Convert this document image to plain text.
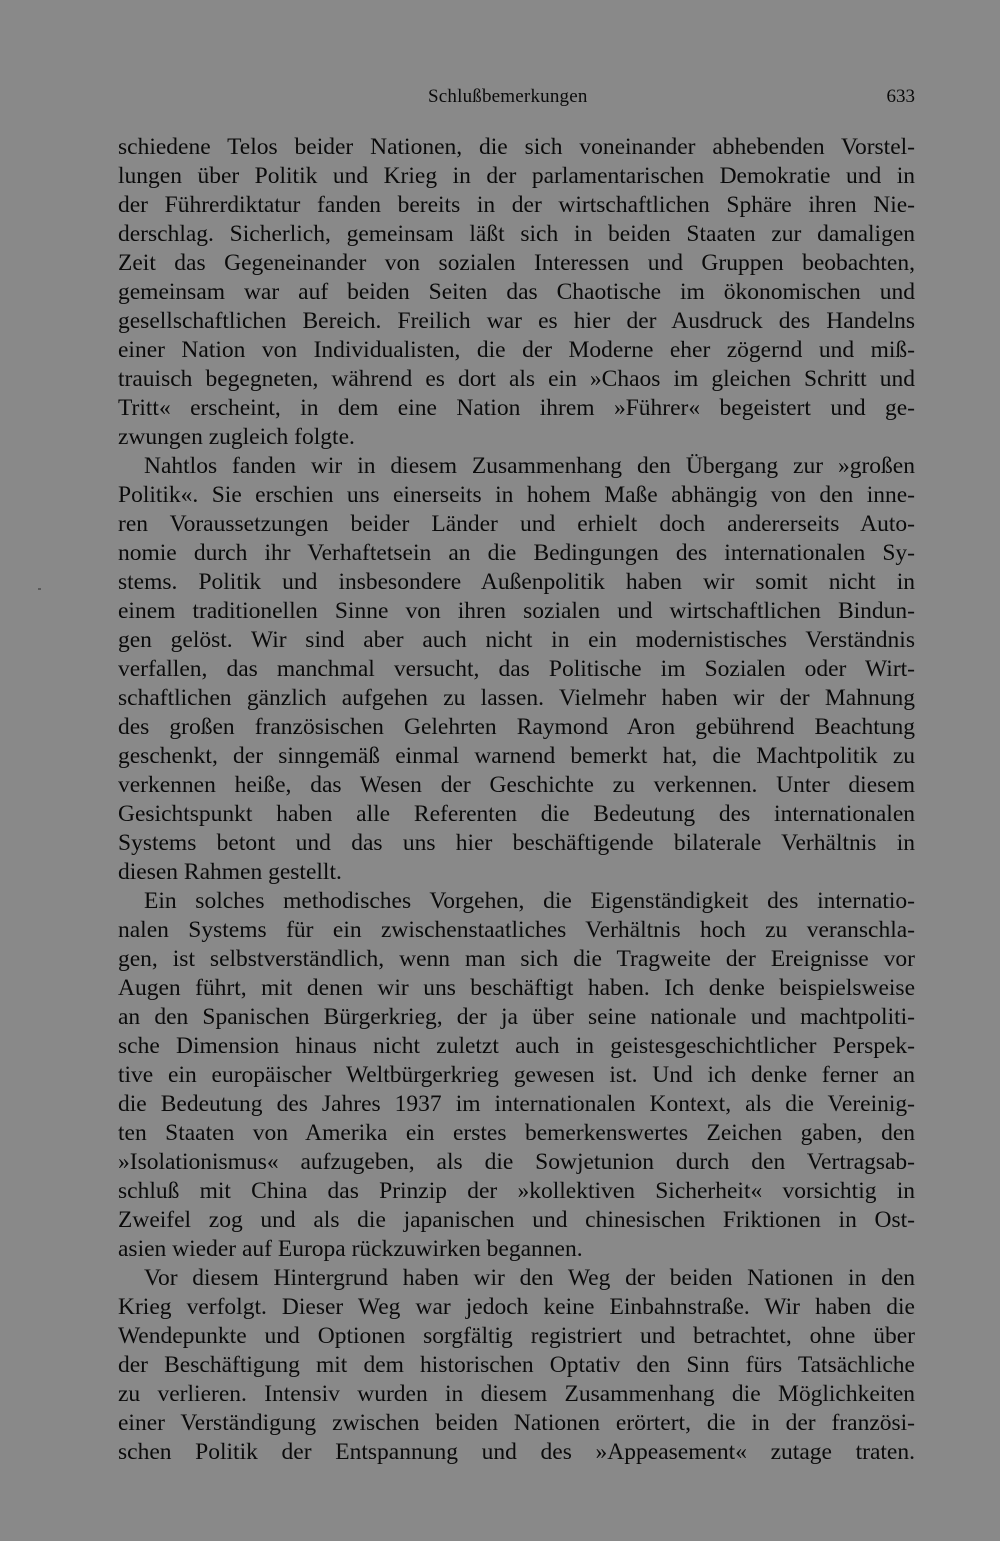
Schlußbemerkungen	633
schiedene Telos beider Nationen, die sich voneinander abhebenden Vorstel-
lungen über Politik und Krieg in der parlamentarischen Demokratie und in
der Führerdiktatur fanden bereits in der wirtschaftlichen Sphäre ihren Nie-
derschlag. Sicherlich, gemeinsam läßt sich in beiden Staaten zur damaligen
Zeit das Gegeneinander von sozialen Interessen und Gruppen beobachten,
gemeinsam war auf beiden Seiten das Chaotische im ökonomischen und
gesellschaftlichen Bereich. Freilich war es hier der Ausdruck des Handelns
einer Nation von Individualisten, die der Moderne eher zögernd und miß-
trauisch begegneten, während es dort als ein »Chaos im gleichen Schritt und
Tritt« erscheint, in dem eine Nation ihrem »Führer« begeistert und ge-
zwungen zugleich folgte.
Nahtlos fanden wir in diesem Zusammenhang den Übergang zur »großen
Politik«. Sie erschien uns einerseits in hohem Maße abhängig von den inne-
ren Voraussetzungen beider Länder und erhielt doch andererseits Auto-
nomie durch ihr Verhaftetsein an die Bedingungen des internationalen Sy-
stems. Politik und insbesondere Außenpolitik haben wir somit nicht in
einem traditionellen Sinne von ihren sozialen und wirtschaftlichen Bindun-
gen gelöst. Wir sind aber auch nicht in ein modernistisches Verständnis
verfallen, das manchmal versucht, das Politische im Sozialen oder Wirt-
schaftlichen gänzlich aufgehen zu lassen. Vielmehr haben wir der Mahnung
des großen französischen Gelehrten Raymond Aron gebührend Beachtung
geschenkt, der sinngemäß einmal warnend bemerkt hat, die Machtpolitik zu
verkennen heiße, das Wesen der Geschichte zu verkennen. Unter diesem
Gesichtspunkt haben alle Referenten die Bedeutung des internationalen
Systems betont und das uns hier beschäftigende bilaterale Verhältnis in
diesen Rahmen gestellt.
Ein solches methodisches Vorgehen, die Eigenständigkeit des internatio-
nalen Systems für ein zwischenstaatliches Verhältnis hoch zu veranschla-
gen, ist selbstverständlich, wenn man sich die Tragweite der Ereignisse vor
Augen führt, mit denen wir uns beschäftigt haben. Ich denke beispielsweise
an den Spanischen Bürgerkrieg, der ja über seine nationale und machtpoliti-
sche Dimension hinaus nicht zuletzt auch in geistesgeschichtlicher Perspek-
tive ein europäischer Weltbürgerkrieg gewesen ist. Und ich denke ferner an
die Bedeutung des Jahres 1937 im internationalen Kontext, als die Vereinig-
ten Staaten von Amerika ein erstes bemerkenswertes Zeichen gaben, den
»Isolationismus« aufzugeben, als die Sowjetunion durch den Vertragsab-
schluß mit China das Prinzip der »kollektiven Sicherheit« vorsichtig in
Zweifel zog und als die japanischen und chinesischen Friktionen in Ost-
asien wieder auf Europa rückzuwirken begannen.
Vor diesem Hintergrund haben wir den Weg der beiden Nationen in den
Krieg verfolgt. Dieser Weg war jedoch keine Einbahnstraße. Wir haben die
Wendepunkte und Optionen sorgfältig registriert und betrachtet, ohne über
der Beschäftigung mit dem historischen Optativ den Sinn fürs Tatsächliche
zu verlieren. Intensiv wurden in diesem Zusammenhang die Möglichkeiten
einer Verständigung zwischen beiden Nationen erörtert, die in der französi-
schen Politik der Entspannung und des »Appeasement« zutage traten.
